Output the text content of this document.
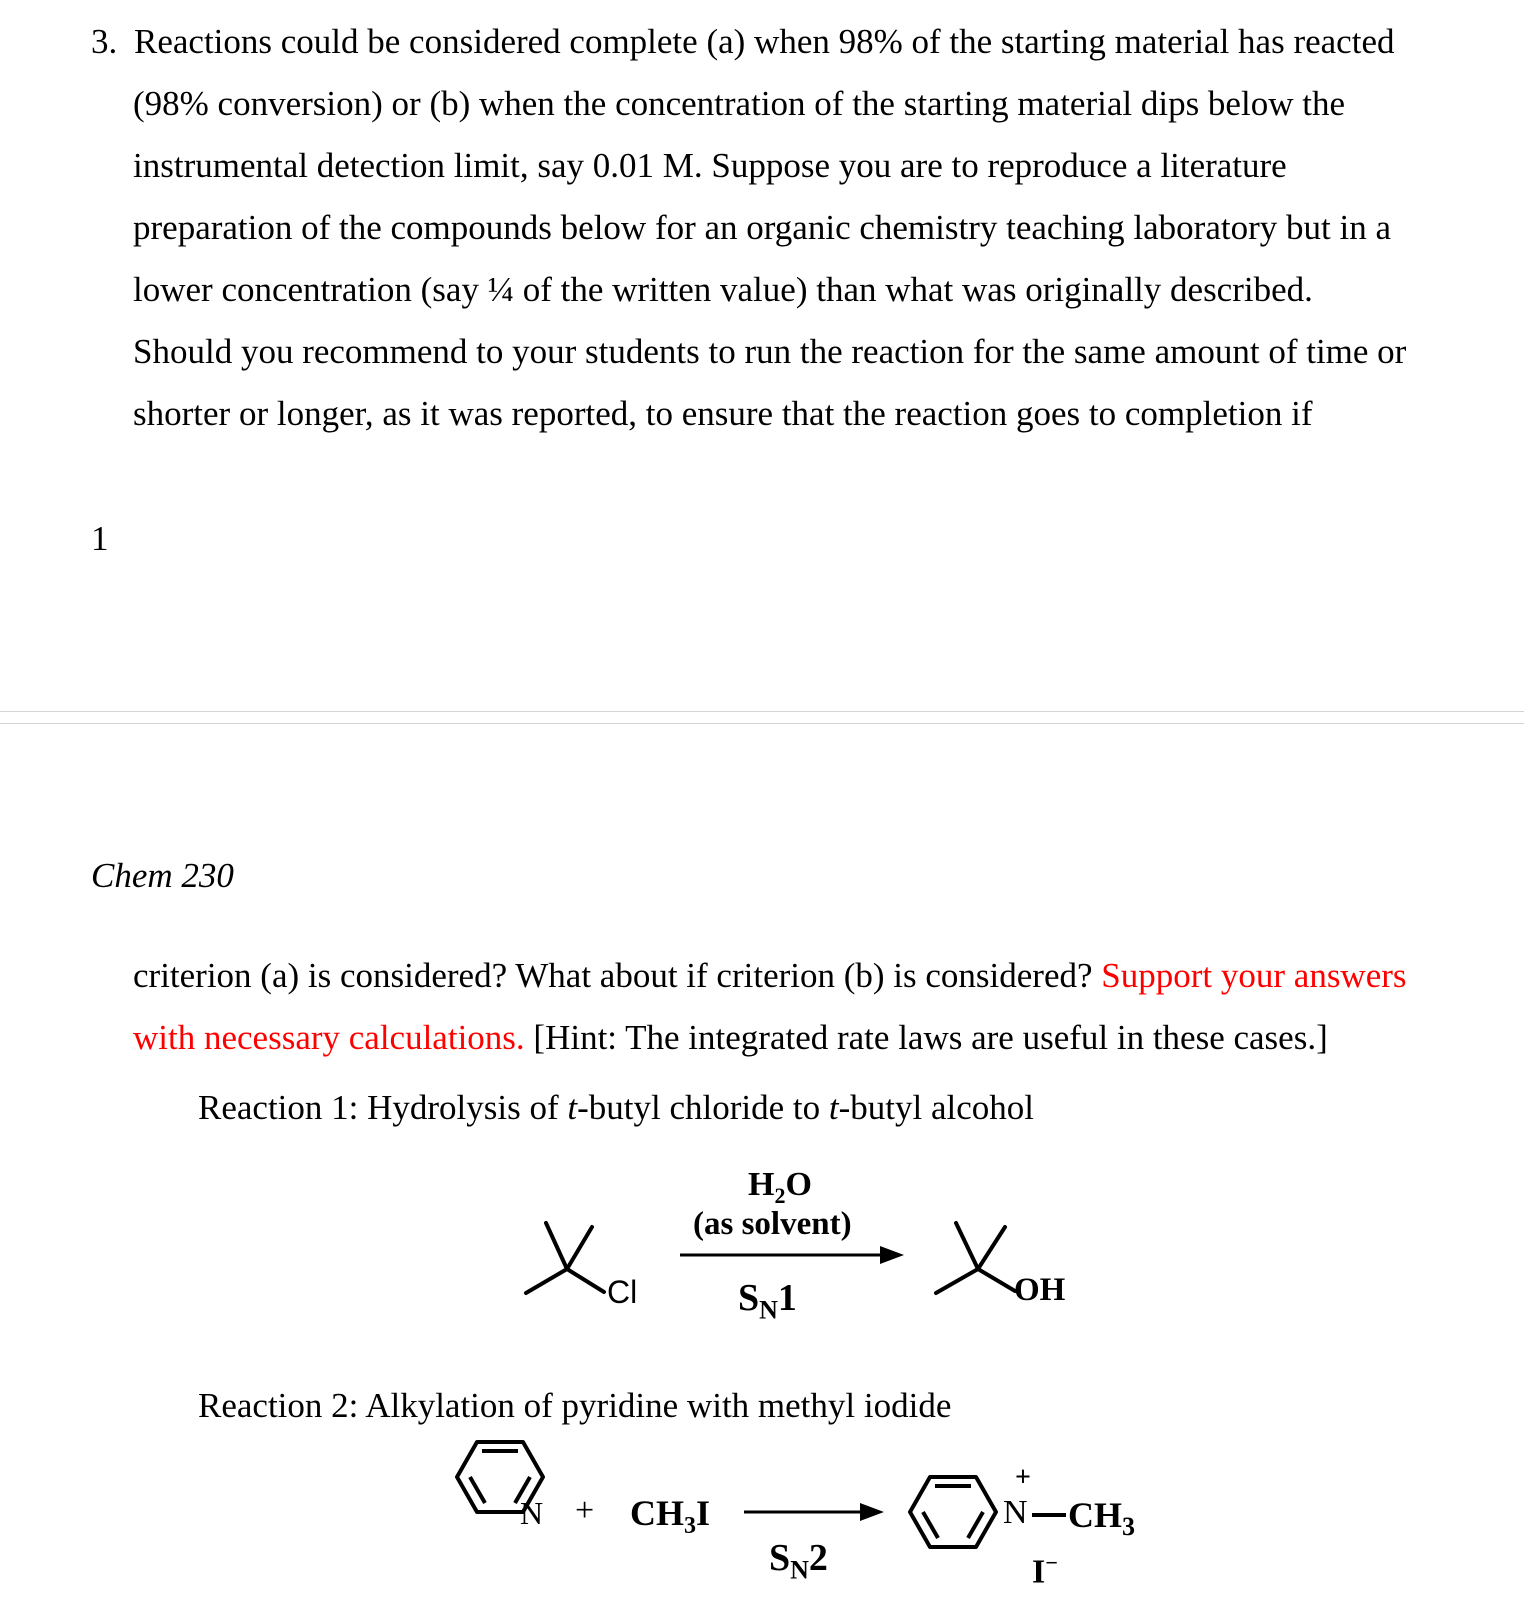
3. Reactions could be considered complete (a) when 98% of the starting material has reacted
(98% conversion) or (b) when the concentration of the starting material dips below the
instrumental detection limit, say 0.01 M. Suppose you are to reproduce a literature
preparation of the compounds below for an organic chemistry teaching laboratory but in a
lower concentration (say ¼ of the written value) than what was originally described.
Should you recommend to your students to run the reaction for the same amount of time or
shorter or longer, as it was reported, to ensure that the reaction goes to completion if
1
Chem 230
criterion (a) is considered? What about if criterion (b) is considered? Support your answers
with necessary calculations. [Hint: The integrated rate laws are useful in these cases.]
Reaction 1: Hydrolysis of t-butyl chloride to t-butyl alcohol
$H_2O$
(as solvent)
$S_N1$
Cl	OH
Reaction 2: Alkylation of pyridine with methyl iodide
$N + CH_3I$
$S_N2$
+
N $CH_3$
I−
